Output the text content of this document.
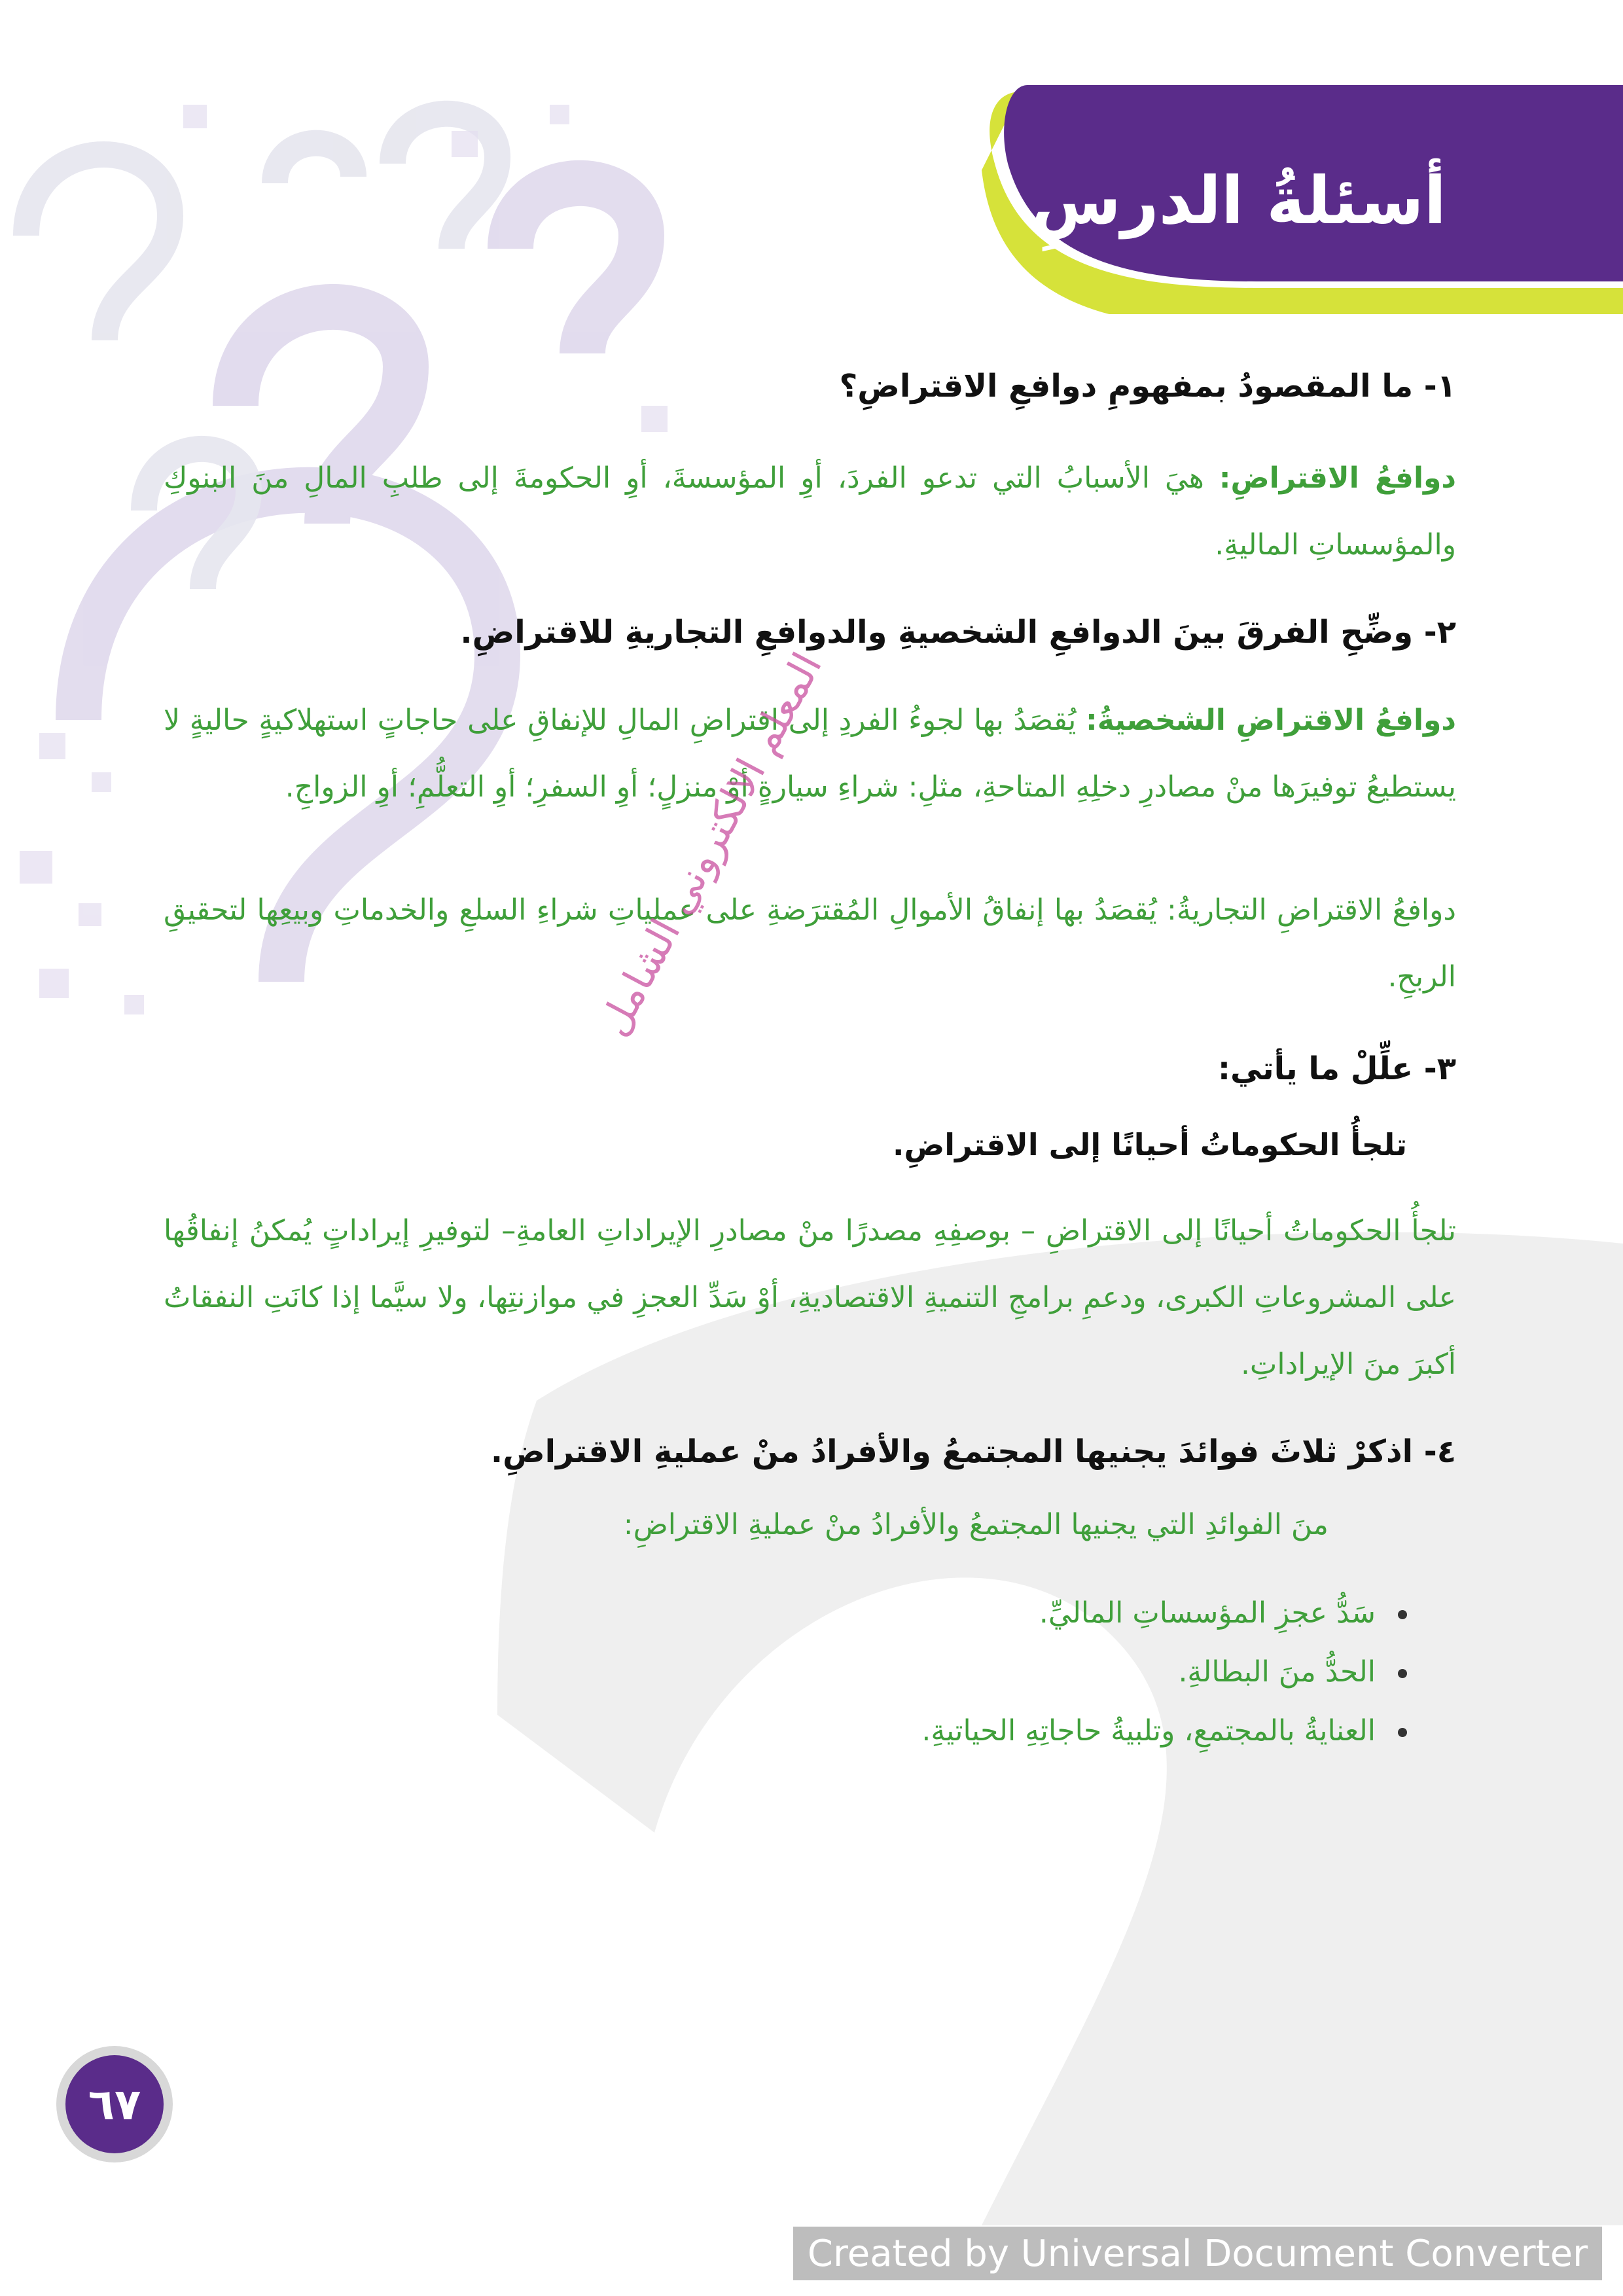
أسئلةُ الدرسِ
١- ما المقصودُ بمفهومِ دوافعِ الاقتراضِ؟
دوافعُ الاقتراضِ: هيَ الأسبابُ التي تدعو الفردَ، أوِ المؤسسةَ، أوِ الحكومةَ إلى طلبِ المالِ منَ البنوكِ والمؤسساتِ الماليةِ.
٢- وضِّحِ الفرقَ بينَ الدوافعِ الشخصيةِ والدوافعِ التجاريةِ للاقتراضِ.
دوافعُ الاقتراضِ الشخصيةُ: يُقصَدُ بها لجوءُ الفردِ إلى اقتراضِ المالِ للإنفاقِ على حاجاتٍ استهلاكيةٍ حاليةٍ لا يستطيعُ توفيرَها منْ مصادرِ دخلِهِ المتاحةِ، مثلِ: شراءِ سيارةٍ أوْ منزلٍ؛ أوِ السفرِ؛ أوِ التعلُّمِ؛ أوِ الزواجِ.
دوافعُ الاقتراضِ التجاريةُ: يُقصَدُ بها إنفاقُ الأموالِ المُقترَضةِ على عملياتِ شراءِ السلعِ والخدماتِ وبيعِها لتحقيقِ الربحِ.
٣- علِّلْ ما يأتي:
تلجأُ الحكوماتُ أحيانًا إلى الاقتراضِ.
تلجأُ الحكوماتُ أحيانًا إلى الاقتراضِ – بوصفِهِ مصدرًا منْ مصادرِ الإيراداتِ العامةِ– لتوفيرِ إيراداتٍ يُمكنُ إنفاقُها على المشروعاتِ الكبرى، ودعمِ برامجِ التنميةِ الاقتصاديةِ، أوْ سَدِّ العجزِ في موازنتِها، ولا سيَّما إذا كانَتِ النفقاتُ أكبرَ منَ الإيراداتِ.
٤- اذكرْ ثلاثَ فوائدَ يجنيها المجتمعُ والأفرادُ منْ عمليةِ الاقتراضِ.
منَ الفوائدِ التي يجنيها المجتمعُ والأفرادُ منْ عمليةِ الاقتراضِ:
سَدُّ عجزِ المؤسساتِ الماليِّ.
الحدُّ منَ البطالةِ.
العنايةُ بالمجتمعِ، وتلبيةُ حاجاتِهِ الحياتيةِ.
المعلم الالكتروني الشامل
٦٧
Created by Universal Document Converter
